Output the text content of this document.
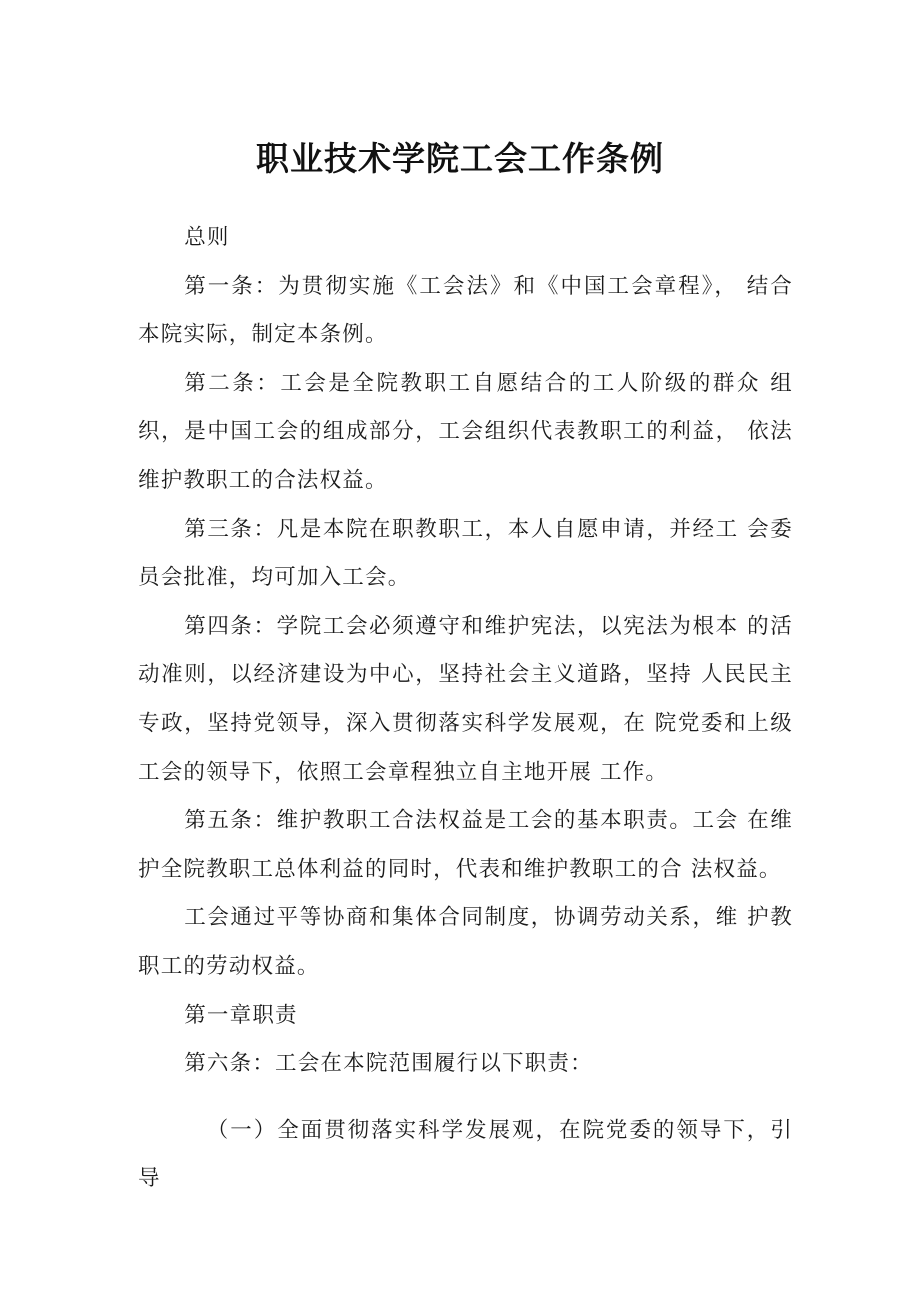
职业技术学院工会工作条例

总则

第一条：为贯彻实施《工会法》和《中国工会章程》， 结合本院实际，制定本条例。

第二条：工会是全院教职工自愿结合的工人阶级的群众 组织，是中国工会的组成部分，工会组织代表教职工的利益， 依法维护教职工的合法权益。

第三条：凡是本院在职教职工，本人自愿申请，并经工 会委员会批准，均可加入工会。

第四条：学院工会必须遵守和维护宪法，以宪法为根本 的活动准则，以经济建设为中心，坚持社会主义道路，坚持 人民民主专政，坚持党领导，深入贯彻落实科学发展观，在 院党委和上级工会的领导下，依照工会章程独立自主地开展 工作。

第五条：维护教职工合法权益是工会的基本职责。工会 在维护全院教职工总体利益的同时，代表和维护教职工的合 法权益。

工会通过平等协商和集体合同制度，协调劳动关系，维 护教职工的劳动权益。

第一章职责

第六条：工会在本院范围履行以下职责：

（一）全面贯彻落实科学发展观，在院党委的领导下，引导
